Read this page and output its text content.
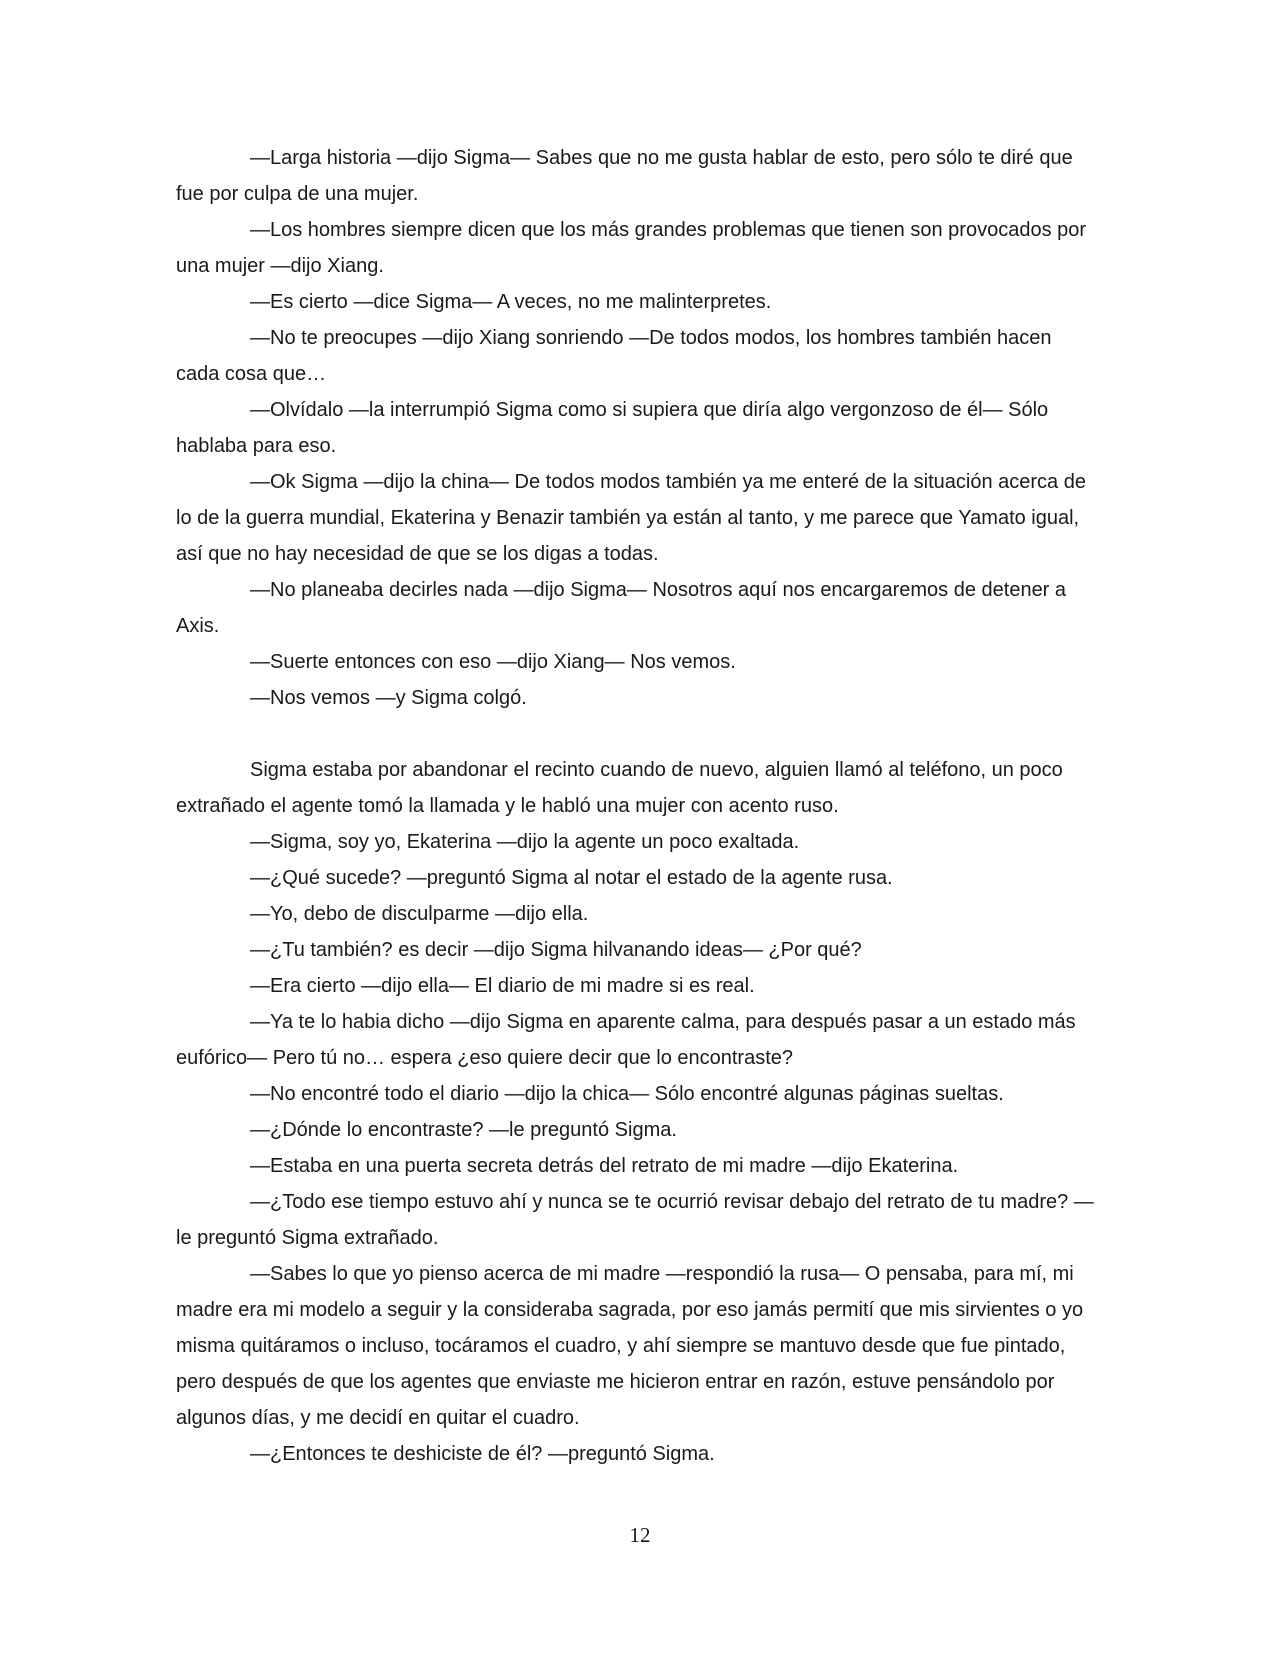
—Larga historia —dijo Sigma— Sabes que no me gusta hablar de esto, pero sólo te diré que fue por culpa de una mujer.

—Los hombres siempre dicen que los más grandes problemas que tienen son provocados por una mujer —dijo Xiang.

—Es cierto —dice Sigma— A veces, no me malinterpretes.

—No te preocupes —dijo Xiang sonriendo —De todos modos, los hombres también hacen cada cosa que…

—Olvídalo —la interrumpió Sigma como si supiera que diría algo vergonzoso de él— Sólo hablaba para eso.

—Ok Sigma —dijo la china— De todos modos también ya me enteré de la situación acerca de lo de la guerra mundial, Ekaterina y Benazir también ya están al tanto, y me parece que Yamato igual, así que no hay necesidad de que se los digas a todas.

—No planeaba decirles nada —dijo Sigma— Nosotros aquí nos encargaremos de detener a Axis.

—Suerte entonces con eso —dijo Xiang— Nos vemos.

—Nos vemos —y Sigma colgó.

Sigma estaba por abandonar el recinto cuando de nuevo, alguien llamó al teléfono, un poco extrañado el agente tomó la llamada y le habló una mujer con acento ruso.

—Sigma, soy yo, Ekaterina —dijo la agente un poco exaltada.

—¿Qué sucede? —preguntó Sigma al notar el estado de la agente rusa.

—Yo, debo de disculparme —dijo ella.

—¿Tu también? es decir —dijo Sigma hilvanando ideas— ¿Por qué?

—Era cierto —dijo ella— El diario de mi madre si es real.

—Ya te lo habia dicho —dijo Sigma en aparente calma, para después pasar a un estado más eufórico— Pero tú no… espera ¿eso quiere decir que lo encontraste?

—No encontré todo el diario —dijo la chica— Sólo encontré algunas páginas sueltas.

—¿Dónde lo encontraste? —le preguntó Sigma.

—Estaba en una puerta secreta detrás del retrato de mi madre —dijo Ekaterina.

—¿Todo ese tiempo estuvo ahí y nunca se te ocurrió revisar debajo del retrato de tu madre? —le preguntó Sigma extrañado.

—Sabes lo que yo pienso acerca de mi madre —respondió la rusa— O pensaba, para mí, mi madre era mi modelo a seguir y la consideraba sagrada, por eso jamás permití que mis sirvientes o yo misma quitáramos o incluso, tocáramos el cuadro, y ahí siempre se mantuvo desde que fue pintado, pero después de que los agentes que enviaste me hicieron entrar en razón, estuve pensándolo por algunos días, y me decidí en quitar el cuadro.

—¿Entonces te deshiciste de él? —preguntó Sigma.

12
